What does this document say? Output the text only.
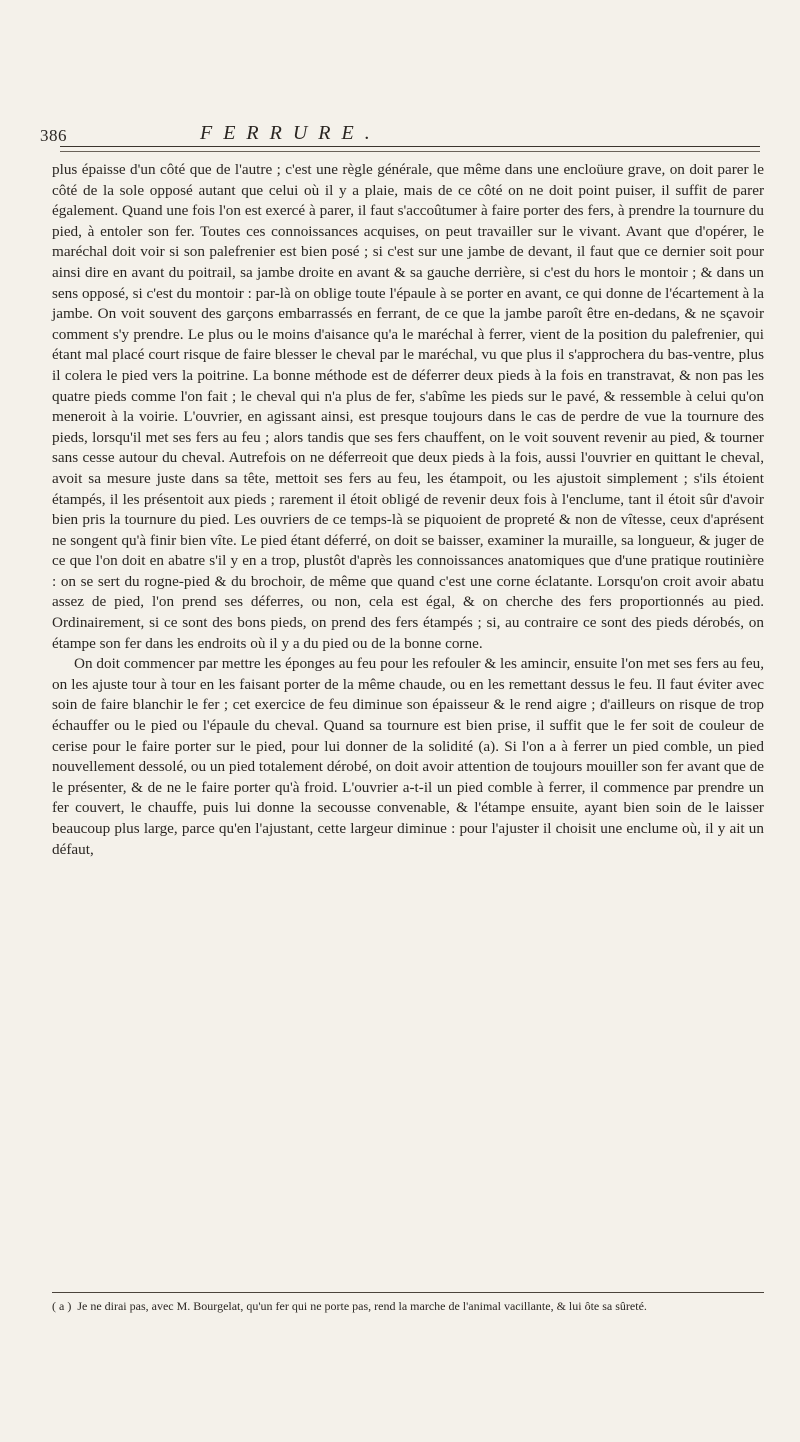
386	FERRURE.

plus épaisse d'un côté que de l'autre ; c'est une règle générale, que même dans une encloüure grave, on doit parer le côté de la sole opposé autant que celui où il y a plaie, mais de ce côté on ne doit point puiser, il suffit de parer également. Quand une fois l'on est exercé à parer, il faut s'accoûtumer à faire porter des fers, à prendre la tournure du pied, à entoler son fer. Toutes ces connoissances acquises, on peut travailler sur le vivant. Avant que d'opérer, le maréchal doit voir si son palefrenier est bien posé ; si c'est sur une jambe de devant, il faut que ce dernier soit pour ainsi dire en avant du poitrail, sa jambe droite en avant & sa gauche derrière, si c'est du hors le montoir ; & dans un sens opposé, si c'est du montoir : par-là on oblige toute l'épaule à se porter en avant, ce qui donne de l'écartement à la jambe. On voit souvent des garçons embarrassés en ferrant, de ce que la jambe paroît être en-dedans, & ne sçavoir comment s'y prendre. Le plus ou le moins d'aisance qu'a le maréchal à ferrer, vient de la position du palefrenier, qui étant mal placé court risque de faire blesser le cheval par le maréchal, vu que plus il s'approchera du bas-ventre, plus il colera le pied vers la poitrine. La bonne méthode est de déferrer deux pieds à la fois en transtravat, & non pas les quatre pieds comme l'on fait ; le cheval qui n'a plus de fer, s'abîme les pieds sur le pavé, & ressemble à celui qu'on meneroit à la voirie. L'ouvrier, en agissant ainsi, est presque toujours dans le cas de perdre de vue la tournure des pieds, lorsqu'il met ses fers au feu ; alors tandis que ses fers chauffent, on le voit souvent revenir au pied, & tourner sans cesse autour du cheval. Autrefois on ne déferreoit que deux pieds à la fois, aussi l'ouvrier en quittant le cheval, avoit sa mesure juste dans sa tête, mettoit ses fers au feu, les étampoit, ou les ajustoit simplement ; s'ils étoient étampés, il les présentoit aux pieds ; rarement il étoit obligé de revenir deux fois à l'enclume, tant il étoit sûr d'avoir bien pris la tournure du pied. Les ouvriers de ce temps-là se piquoient de propreté & non de vîtesse, ceux d'aprésent ne songent qu'à finir bien vîte. Le pied étant déferré, on doit se baisser, examiner la muraille, sa longueur, & juger de ce que l'on doit en abatre s'il y en a trop, plustôt d'après les connoissances anatomiques que d'une pratique routinière : on se sert du rogne-pied & du brochoir, de même que quand c'est une corne éclatante. Lorsqu'on croit avoir abatu assez de pied, l'on prend ses déferres, ou non, cela est égal, & on cherche des fers proportionnés au pied. Ordinairement, si ce sont des bons pieds, on prend des fers étampés ; si, au contraire ce sont des pieds dérobés, on étampe son fer dans les endroits où il y a du pied ou de la bonne corne.

On doit commencer par mettre les éponges au feu pour les refouler & les amincir, ensuite l'on met ses fers au feu, on les ajuste tour à tour en les faisant porter de la même chaude, ou en les remettant dessus le feu. Il faut éviter avec soin de faire blanchir le fer ; cet exercice de feu diminue son épaisseur & le rend aigre ; d'ailleurs on risque de trop échauffer ou le pied ou l'épaule du cheval. Quand sa tournure est bien prise, il suffit que le fer soit de couleur de cerise pour le faire porter sur le pied, pour lui donner de la solidité (a). Si l'on a à ferrer un pied comble, un pied nouvellement dessolé, ou un pied totalement dérobé, on doit avoir attention de toujours mouiller son fer avant que de le présenter, & de ne le faire porter qu'à froid. L'ouvrier a-t-il un pied comble à ferrer, il commence par prendre un fer couvert, le chauffe, puis lui donne la secousse convenable, & l'étampe ensuite, ayant bien soin de le laisser beaucoup plus large, parce qu'en l'ajustant, cette largeur diminue : pour l'ajuster il choisit une enclume où, il y ait un défaut,

( a ) Je ne dirai pas, avec M. Bourgelat, qu'un fer qui ne porte pas, rend la marche de l'animal vacillante, & lui ôte sa sûreté.
